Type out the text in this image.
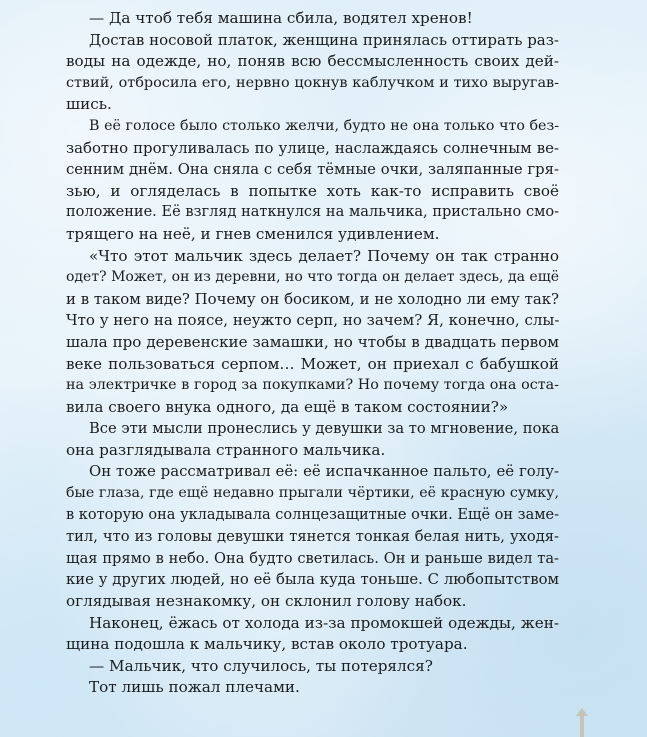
— Да чтоб тебя машина сбила, водятел хренов!

Достав носовой платок, женщина принялась оттирать раз-
воды на одежде, но, поняв всю бессмысленность своих дей-
ствий, отбросила его, нервно цокнув каблучком и тихо выругав-
шись.

В её голосе было столько желчи, будто не она только что без-
заботно прогуливалась по улице, наслаждаясь солнечным ве-
сенним днём. Она сняла с себя тёмные очки, заляпанные гря-
зью, и огляделась в попытке хоть как-то исправить своё
положение. Её взгляд наткнулся на мальчика, пристально смо-
трящего на неё, и гнев сменился удивлением.

«Что этот мальчик здесь делает? Почему он так странно
одет? Может, он из деревни, но что тогда он делает здесь, да ещё
и в таком виде? Почему он босиком, и не холодно ли ему так?
Что у него на поясе, неужто серп, но зачем? Я, конечно, слы-
шала про деревенские замашки, но чтобы в двадцать первом
веке пользоваться серпом… Может, он приехал с бабушкой
на электричке в город за покупками? Но почему тогда она оста-
вила своего внука одного, да ещё в таком состоянии?»

Все эти мысли пронеслись у девушки за то мгновение, пока
она разглядывала странного мальчика.

Он тоже рассматривал её: её испачканное пальто, её голу-
бые глаза, где ещё недавно прыгали чёртики, её красную сумку,
в которую она укладывала солнцезащитные очки. Ещё он заме-
тил, что из головы девушки тянется тонкая белая нить, уходя-
щая прямо в небо. Она будто светилась. Он и раньше видел та-
кие у других людей, но её была куда тоньше. С любопытством
оглядывая незнакомку, он склонил голову набок.

Наконец, ёжась от холода из-за промокшей одежды, жен-
щина подошла к мальчику, встав около тротуара.

— Мальчик, что случилось, ты потерялся?

Тот лишь пожал плечами.
